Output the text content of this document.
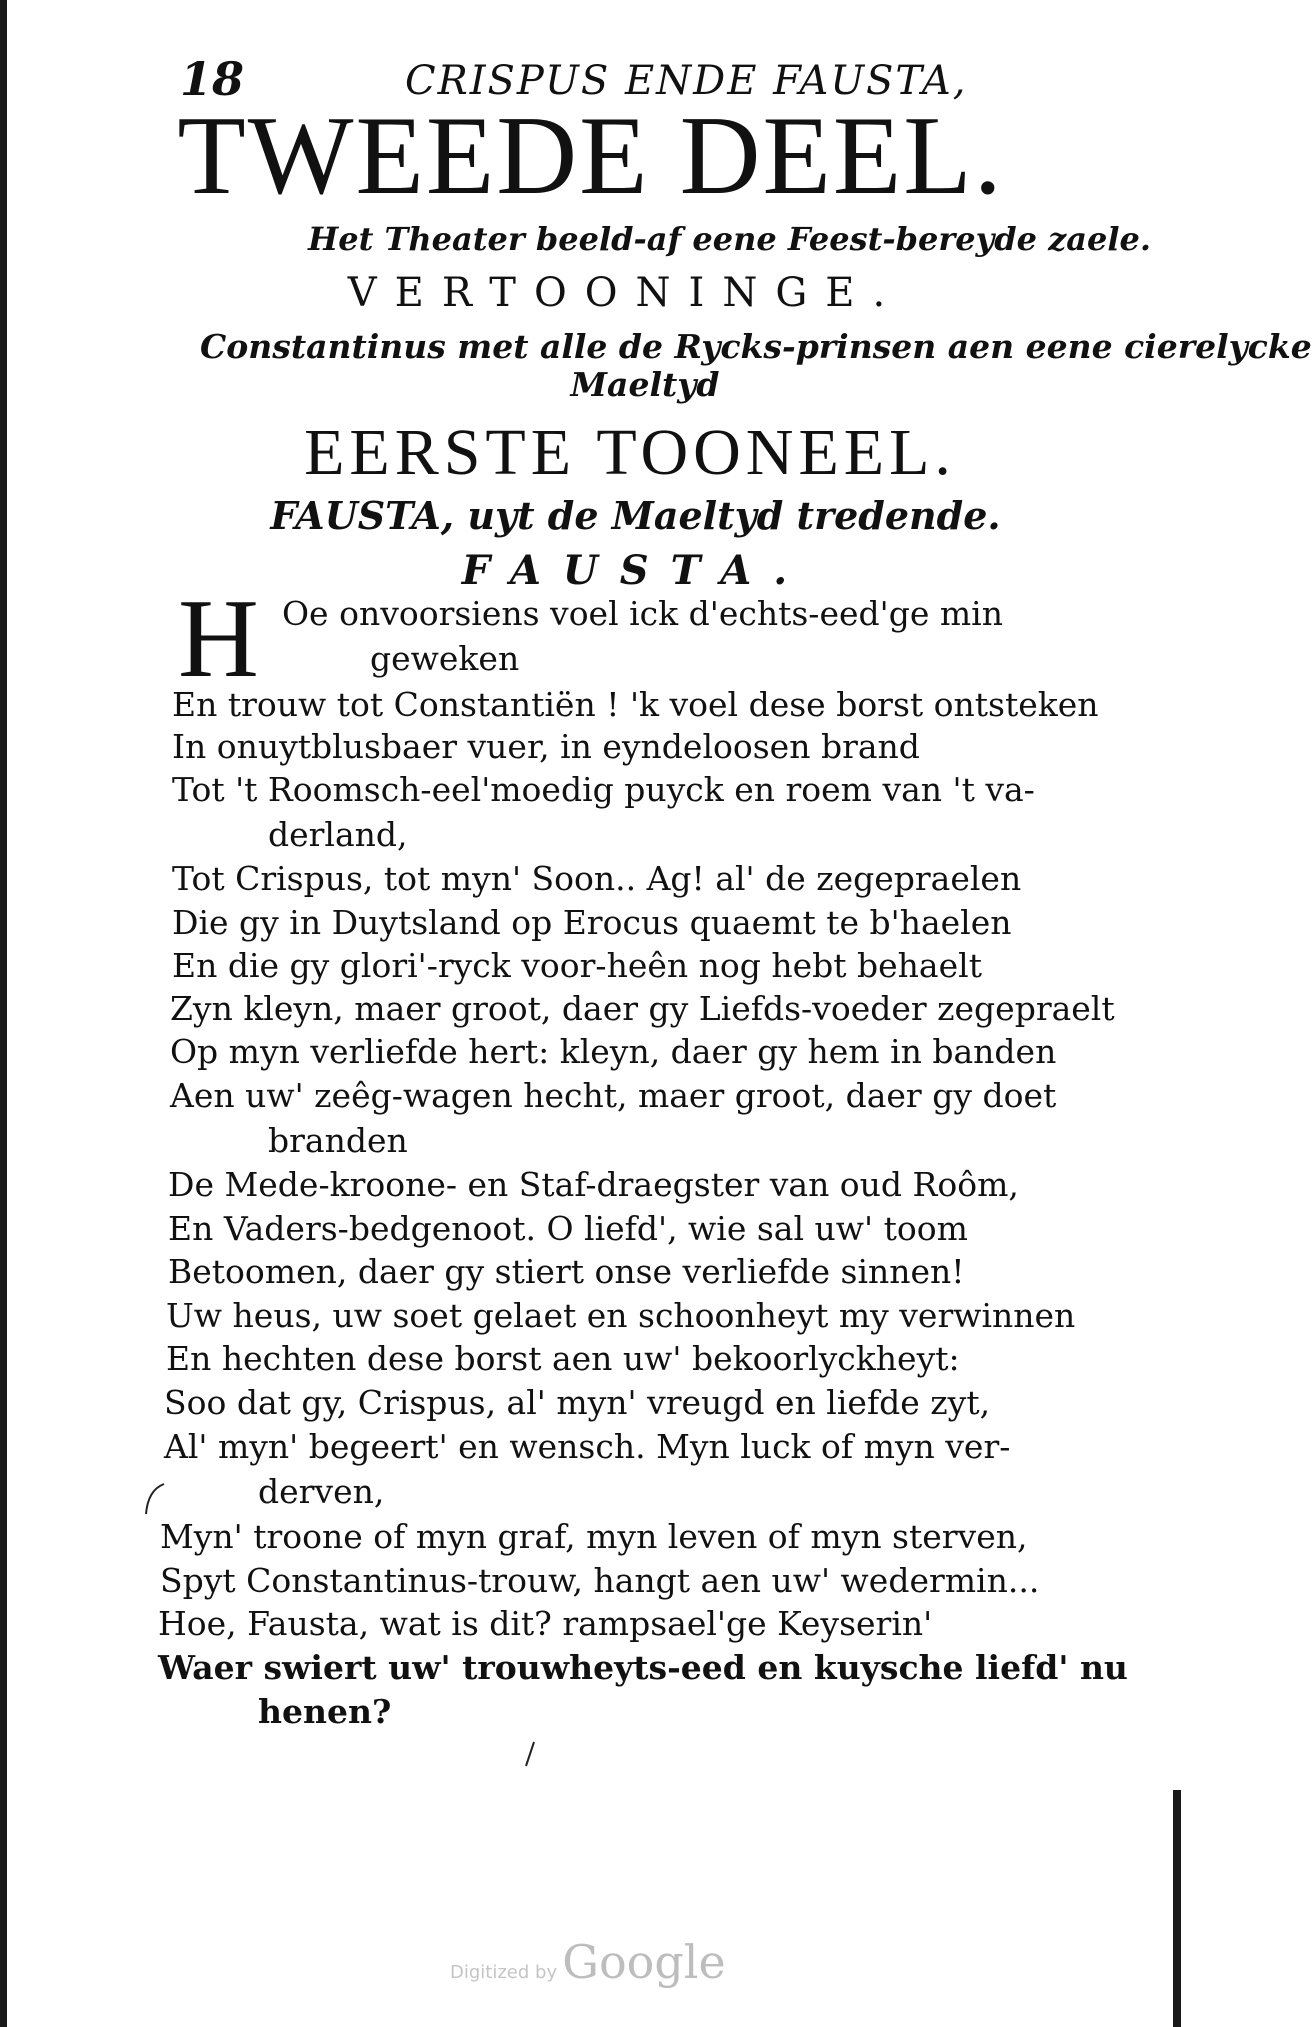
18	CRISPUS ENDE FAUSTA,
TWEEDE DEEL.
Het Theater beeld-af eene Feest-bereyde zaele.
VERTOONINGE.
Constantinus met alle de Rycks-prinsen aen eene cierelycke
Maeltyd
EERSTE TOONEEL.
FAUSTA, uyt de Maeltyd tredende.
FAUSTA.
H Oe onvoorsiens voel ick d'echts-eed'ge min
geweken
En trouw tot Constantiën ! 'k voel dese borst ontsteken
In onuytblusbaer vuer, in eyndeloosen brand
Tot 't Roomsch-eel'moedig puyck en roem van 't va-
derland,
Tot Crispus, tot myn' Soon.. Ag! al' de zegepraelen
Die gy in Duytsland op Erocus quaemt te b'haelen
En die gy glori'-ryck voor-heên nog hebt behaelt
Zyn kleyn, maer groot, daer gy Liefds-voeder zegepraelt
Op myn verliefde hert: kleyn, daer gy hem in banden
Aen uw' zeêg-wagen hecht, maer groot, daer gy doet
branden
De Mede-kroone- en Staf-draegster van oud Roôm,
En Vaders-bedgenoot. O liefd', wie sal uw' toom
Betoomen, daer gy stiert onse verliefde sinnen!
Uw heus, uw soet gelaet en schoonheyt my verwinnen
En hechten dese borst aen uw' bekoorlyckheyt:
Soo dat gy, Crispus, al' myn' vreugd en liefde zyt,
Al' myn' begeert' en wensch. Myn luck of myn ver-
derven,
Myn' troone of myn graf, myn leven of myn sterven,
Spyt Constantinus-trouw, hangt aen uw' wedermin...
Hoe, Fausta, wat is dit? rampsael'ge Keyserin'
Waer swiert uw' trouwheyts-eed en kuysche liefd' nu
henen?
Digitized by Google
